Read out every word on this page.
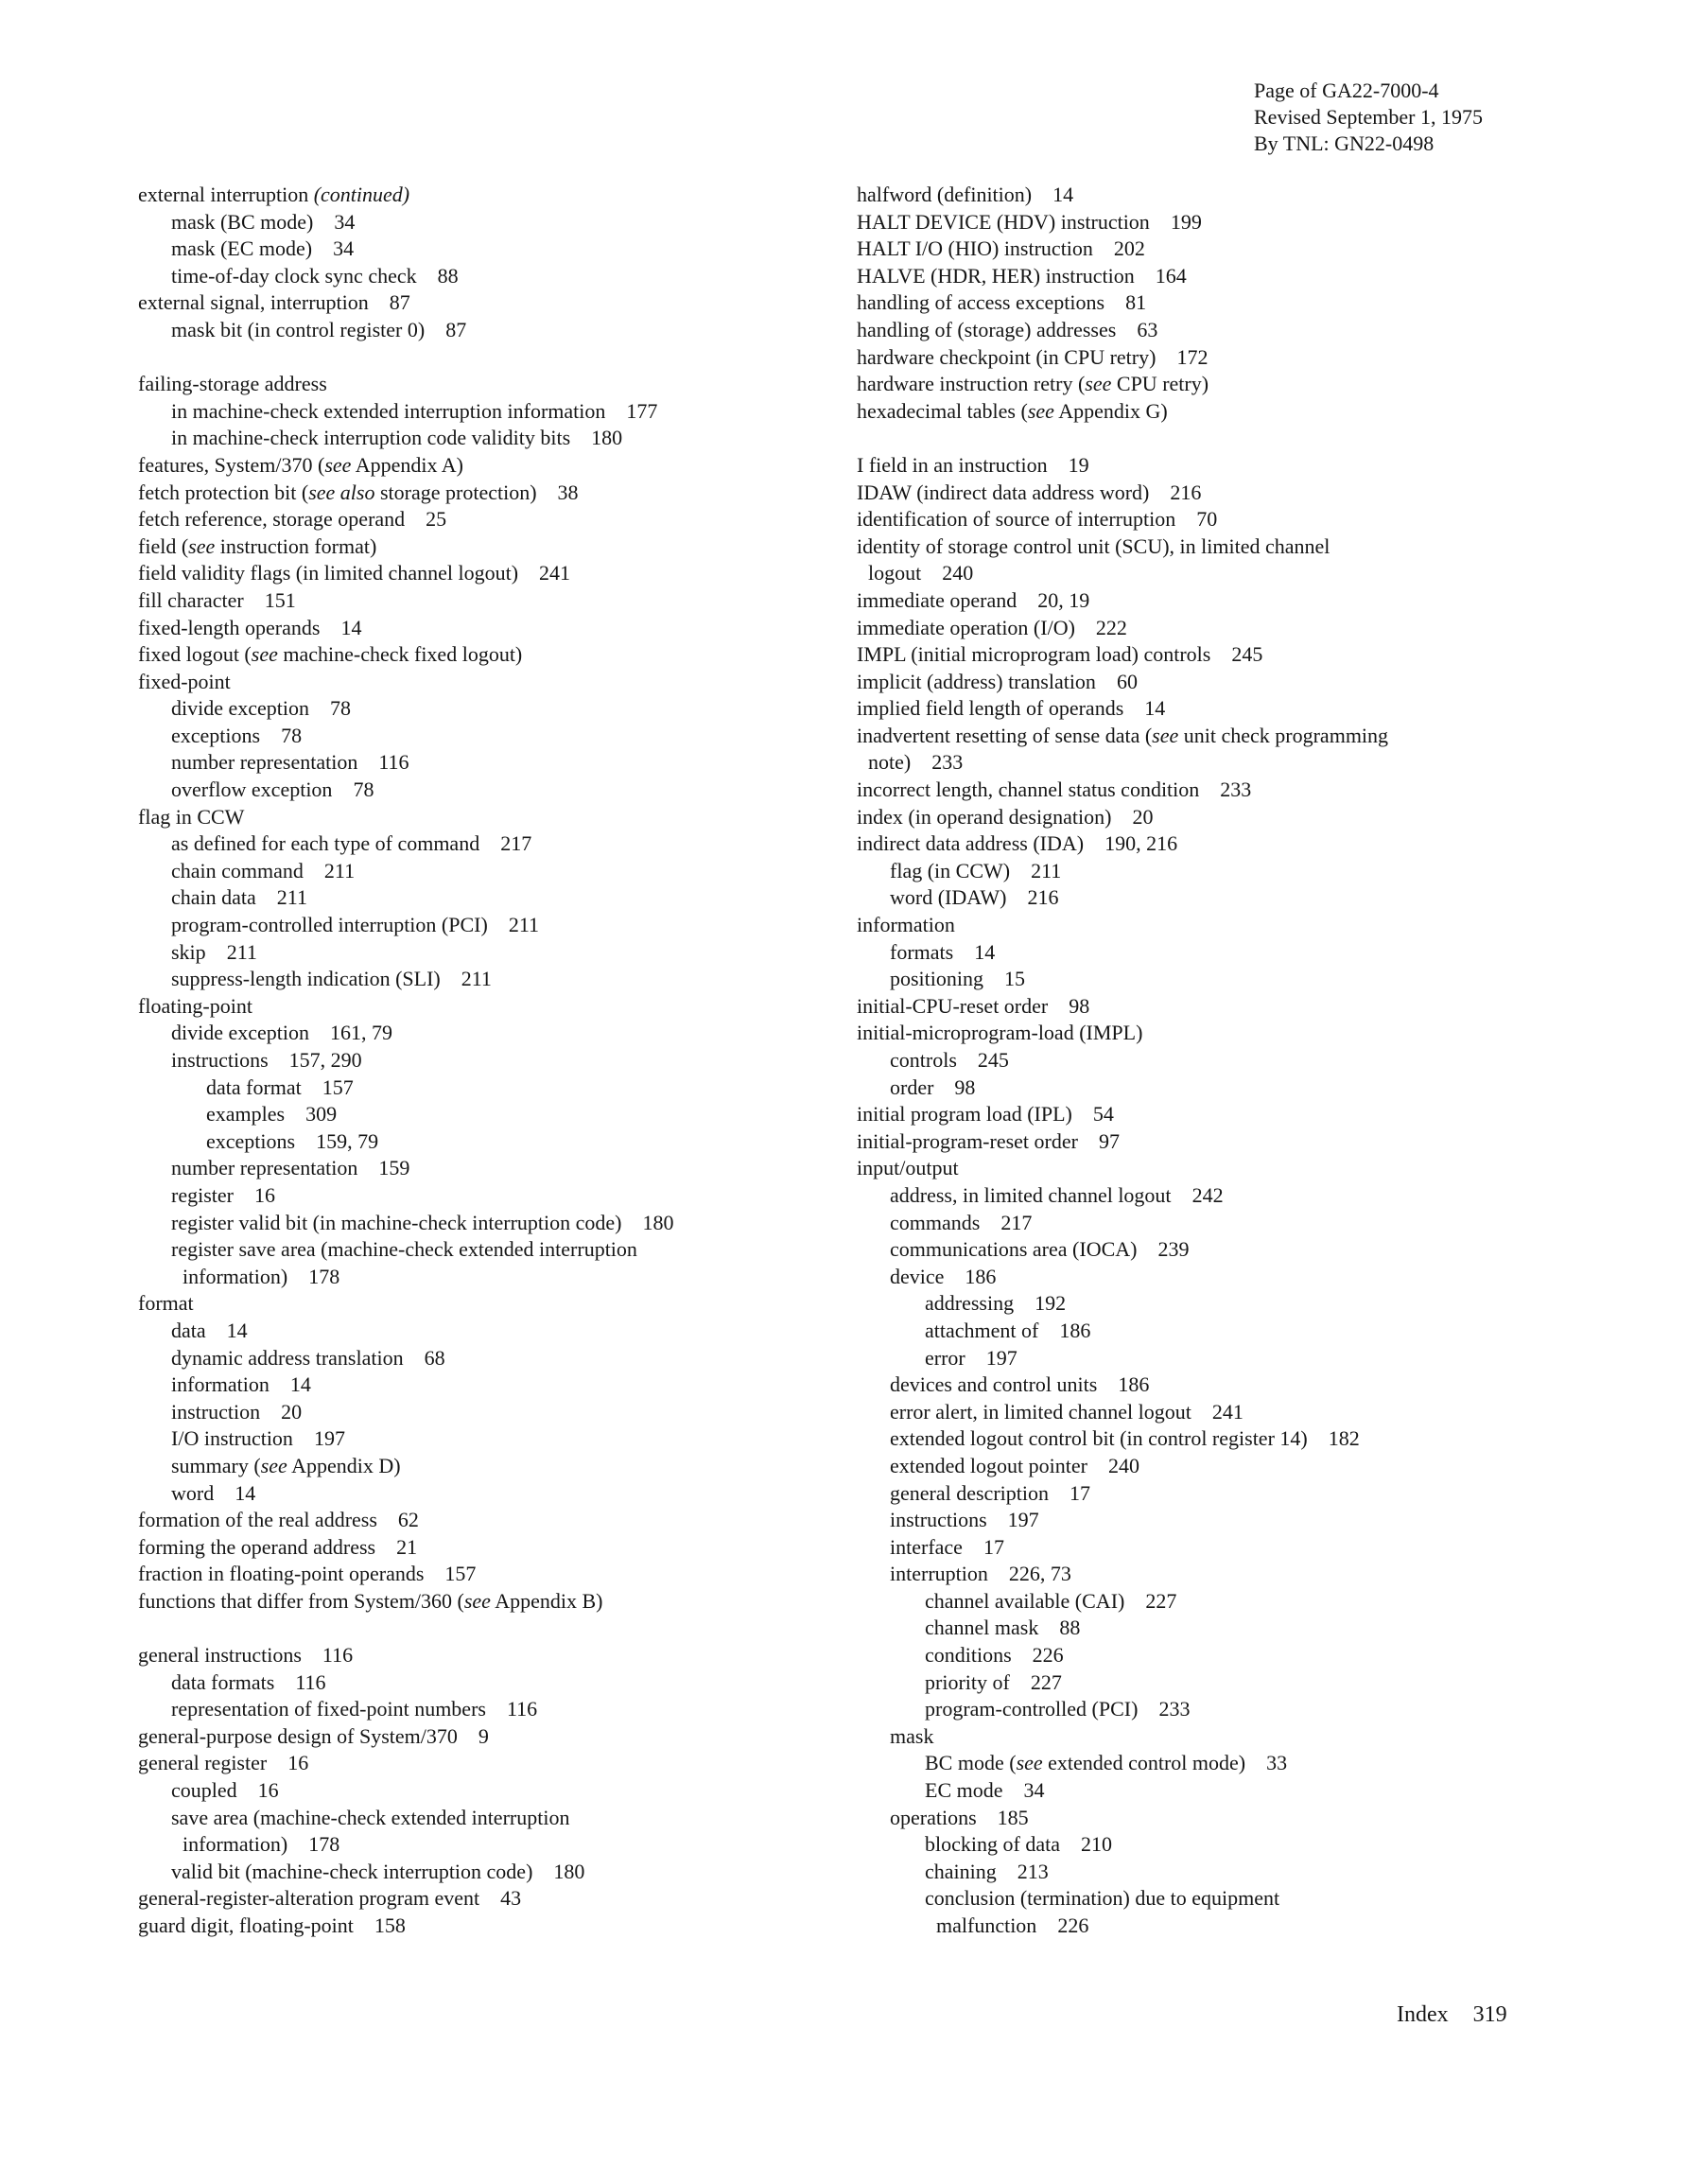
Page of GA22-7000-4
Revised September 1, 1975
By TNL: GN22-0498
external interruption (continued)
mask (BC mode) 34
mask (EC mode) 34
time-of-day clock sync check 88
external signal, interruption 87
mask bit (in control register 0) 87
failing-storage address
in machine-check extended interruption information 177
in machine-check interruption code validity bits 180
features, System/370 (see Appendix A)
fetch protection bit (see also storage protection) 38
fetch reference, storage operand 25
field (see instruction format)
field validity flags (in limited channel logout) 241
fill character 151
fixed-length operands 14
fixed logout (see machine-check fixed logout)
fixed-point
divide exception 78
exceptions 78
number representation 116
overflow exception 78
flag in CCW
as defined for each type of command 217
chain command 211
chain data 211
program-controlled interruption (PCI) 211
skip 211
suppress-length indication (SLI) 211
floating-point
divide exception 161, 79
instructions 157, 290
data format 157
examples 309
exceptions 159, 79
number representation 159
register 16
register valid bit (in machine-check interruption code) 180
register save area (machine-check extended interruption
information) 178
format
data 14
dynamic address translation 68
information 14
instruction 20
I/O instruction 197
summary (see Appendix D)
word 14
formation of the real address 62
forming the operand address 21
fraction in floating-point operands 157
functions that differ from System/360 (see Appendix B)
general instructions 116
data formats 116
representation of fixed-point numbers 116
general-purpose design of System/370 9
general register 16
coupled 16
save area (machine-check extended interruption
information) 178
valid bit (machine-check interruption code) 180
general-register-alteration program event 43
guard digit, floating-point 158
halfword (definition) 14
HALT DEVICE (HDV) instruction 199
HALT I/O (HIO) instruction 202
HALVE (HDR, HER) instruction 164
handling of access exceptions 81
handling of (storage) addresses 63
hardware checkpoint (in CPU retry) 172
hardware instruction retry (see CPU retry)
hexadecimal tables (see Appendix G)
I field in an instruction 19
IDAW (indirect data address word) 216
identification of source of interruption 70
identity of storage control unit (SCU), in limited channel
logout 240
immediate operand 20, 19
immediate operation (I/O) 222
IMPL (initial microprogram load) controls 245
implicit (address) translation 60
implied field length of operands 14
inadvertent resetting of sense data (see unit check programming
note) 233
incorrect length, channel status condition 233
index (in operand designation) 20
indirect data address (IDA) 190, 216
flag (in CCW) 211
word (IDAW) 216
information
formats 14
positioning 15
initial-CPU-reset order 98
initial-microprogram-load (IMPL)
controls 245
order 98
initial program load (IPL) 54
initial-program-reset order 97
input/output
address, in limited channel logout 242
commands 217
communications area (IOCA) 239
device 186
addressing 192
attachment of 186
error 197
devices and control units 186
error alert, in limited channel logout 241
extended logout control bit (in control register 14) 182
extended logout pointer 240
general description 17
instructions 197
interface 17
interruption 226, 73
channel available (CAI) 227
channel mask 88
conditions 226
priority of 227
program-controlled (PCI) 233
mask
BC mode (see extended control mode) 33
EC mode 34
operations 185
blocking of data 210
chaining 213
conclusion (termination) due to equipment
malfunction 226
Index 319
